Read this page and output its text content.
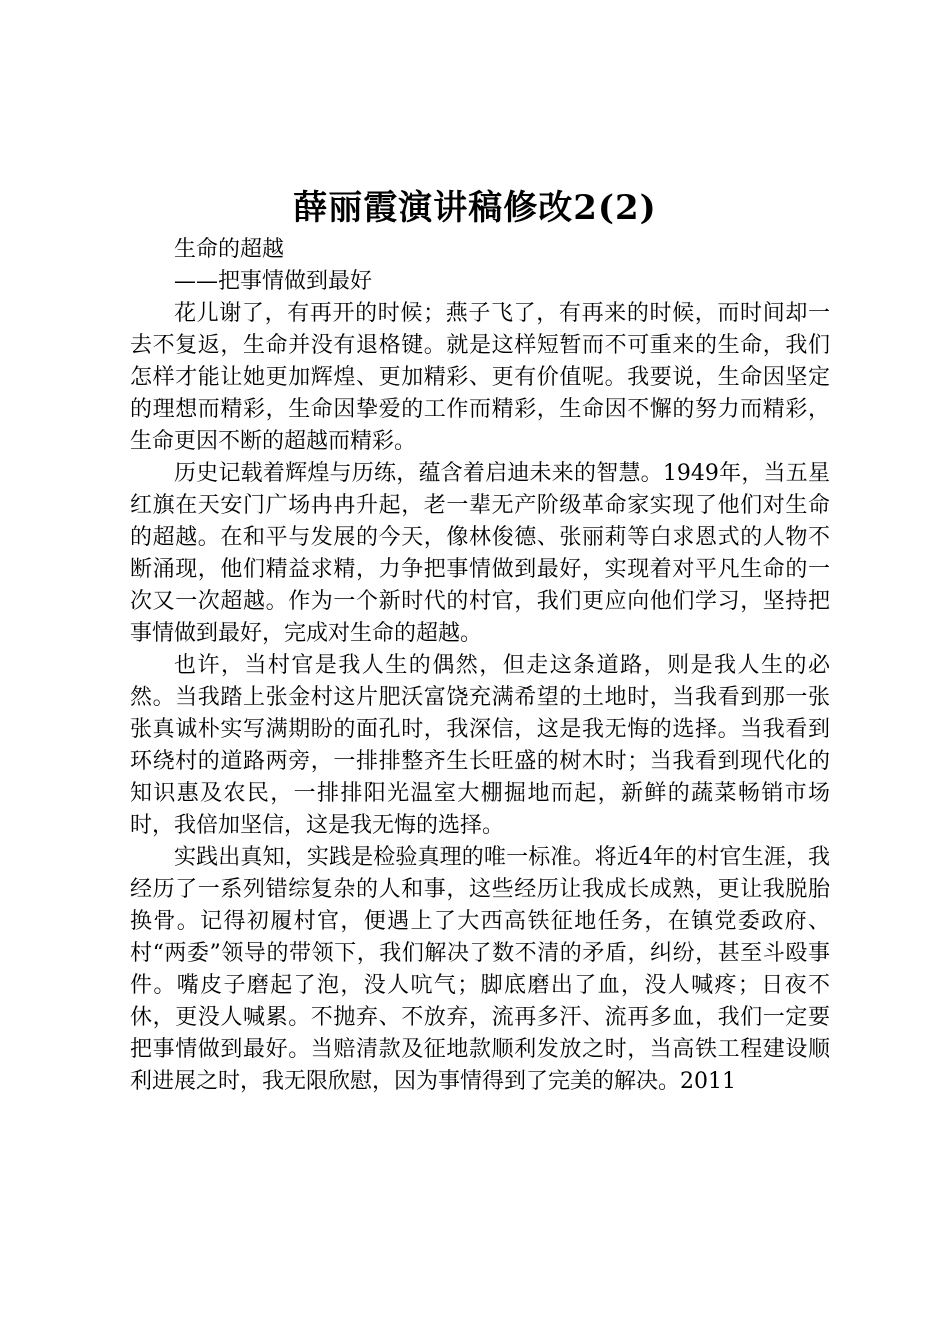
薛丽霞演讲稿修改2(2)

生命的超越

——把事情做到最好

花儿谢了，有再开的时候；燕子飞了，有再来的时候，而时间却一去不复返，生命并没有退格键。就是这样短暂而不可重来的生命，我们怎样才能让她更加辉煌、更加精彩、更有价值呢。我要说，生命因坚定的理想而精彩，生命因挚爱的工作而精彩，生命因不懈的努力而精彩，生命更因不断的超越而精彩。

历史记载着辉煌与历练，蕴含着启迪未来的智慧。1949年，当五星红旗在天安门广场冉冉升起，老一辈无产阶级革命家实现了他们对生命的超越。在和平与发展的今天，像林俊德、张丽莉等白求恩式的人物不断涌现，他们精益求精，力争把事情做到最好，实现着对平凡生命的一次又一次超越。作为一个新时代的村官，我们更应向他们学习，坚持把事情做到最好，完成对生命的超越。

也许，当村官是我人生的偶然，但走这条道路，则是我人生的必然。当我踏上张金村这片肥沃富饶充满希望的土地时，当我看到那一张张真诚朴实写满期盼的面孔时，我深信，这是我无悔的选择。当我看到环绕村的道路两旁，一排排整齐生长旺盛的树木时；当我看到现代化的知识惠及农民，一排排阳光温室大棚掘地而起，新鲜的蔬菜畅销市场时，我倍加坚信，这是我无悔的选择。

实践出真知，实践是检验真理的唯一标准。将近4年的村官生涯，我经历了一系列错综复杂的人和事，这些经历让我成长成熟，更让我脱胎换骨。记得初履村官，便遇上了大西高铁征地任务，在镇党委政府、村“两委”领导的带领下，我们解决了数不清的矛盾，纠纷，甚至斗殴事件。嘴皮子磨起了泡，没人吭气；脚底磨出了血，没人喊疼；日夜不休，更没人喊累。不抛弃、不放弃，流再多汗、流再多血，我们一定要把事情做到最好。当赔清款及征地款顺利发放之时，当高铁工程建设顺利进展之时，我无限欣慰，因为事情得到了完美的解决。2011
